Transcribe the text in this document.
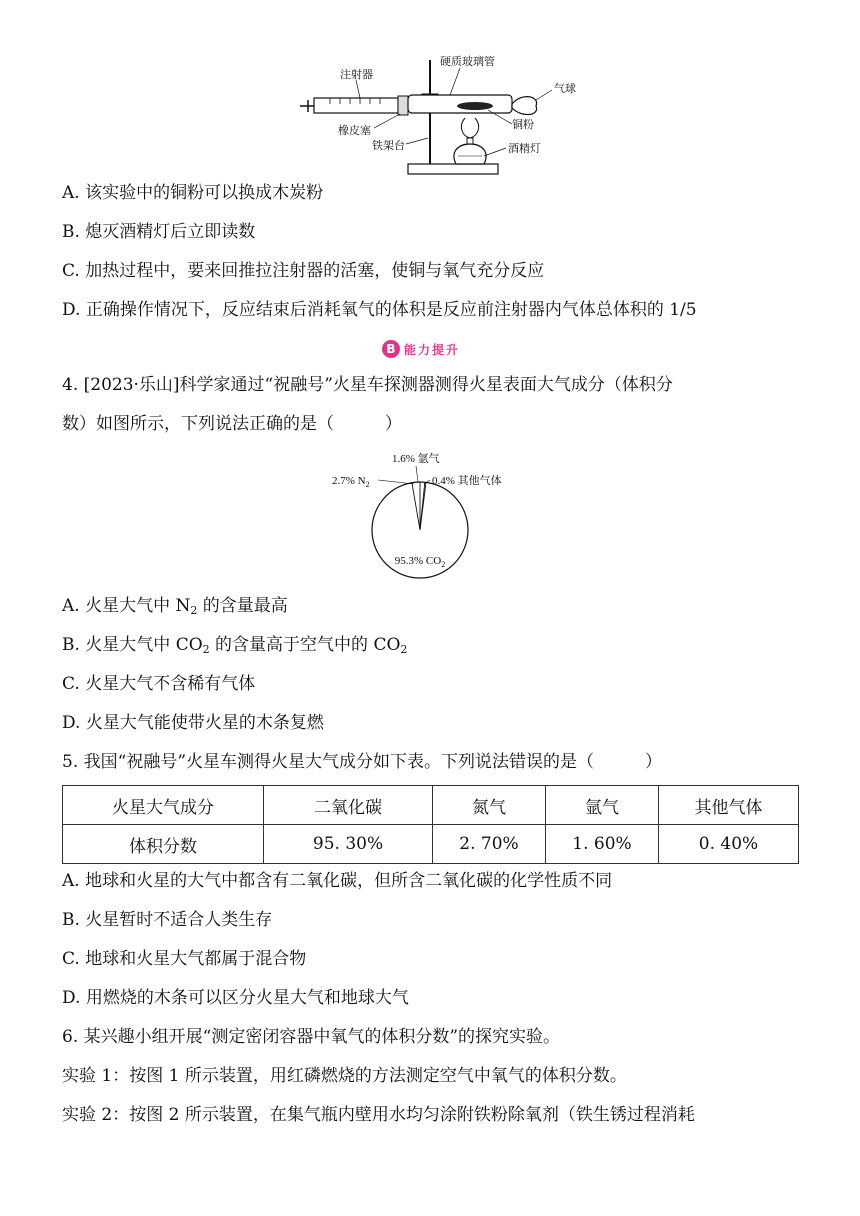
注射器
橡皮塞
铁架台
硬质玻璃管
气球
铜粉
酒精灯
A. 该实验中的铜粉可以换成木炭粉
B. 熄灭酒精灯后立即读数
C. 加热过程中，要来回推拉注射器的活塞，使铜与氧气充分反应
D. 正确操作情况下，反应结束后消耗氧气的体积是反应前注射器内气体总体积的 1/5
B 能力提升
4. [2023·乐山]科学家通过“祝融号”火星车探测器测得火星表面大气成分（体积分
数）如图所示，下列说法正确的是（　　　）
1.6% 氩气
2.7% $N_2$	0.4% 其他气体
95.3% $CO_2$
A. 火星大气中 $N_2$ 的含量最高
B. 火星大气中 $CO_2$ 的含量高于空气中的 $CO_2$
C. 火星大气不含稀有气体
D. 火星大气能使带火星的木条复燃
5. 我国“祝融号”火星车测得火星大气成分如下表。下列说法错误的是（　　　）
火星大气成分	二氧化碳	氮气	氩气	其他气体
体积分数	95. 30%	2. 70%	1. 60%	0. 40%
A. 地球和火星的大气中都含有二氧化碳，但所含二氧化碳的化学性质不同
B. 火星暂时不适合人类生存
C. 地球和火星大气都属于混合物
D. 用燃烧的木条可以区分火星大气和地球大气
6. 某兴趣小组开展“测定密闭容器中氧气的体积分数”的探究实验。
实验 1：按图 1 所示装置，用红磷燃烧的方法测定空气中氧气的体积分数。
实验 2：按图 2 所示装置，在集气瓶内壁用水均匀涂附铁粉除氧剂（铁生锈过程消耗
